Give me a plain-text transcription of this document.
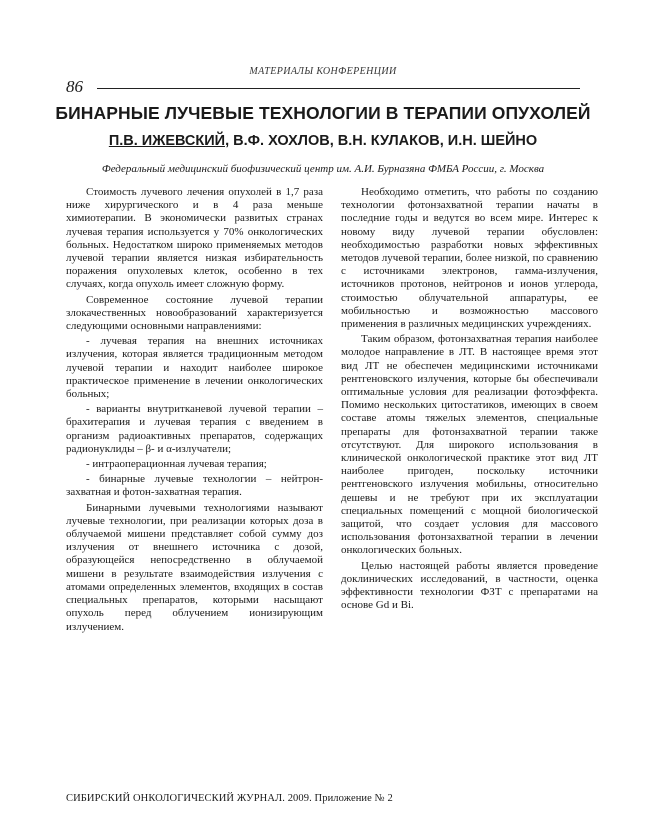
МАТЕРИАЛЫ КОНФЕРЕНЦИИ
86
БИНАРНЫЕ ЛУЧЕВЫЕ ТЕХНОЛОГИИ В ТЕРАПИИ ОПУХОЛЕЙ
П.В. ИЖЕВСКИЙ, В.Ф. ХОХЛОВ, В.Н. КУЛАКОВ, И.Н. ШЕЙНО
Федеральный медицинский биофизический центр им. А.И. Бурназяна ФМБА России, г. Москва

Стоимость лучевого лечения опухолей в 1,7 раза ниже хирургического и в 4 раза меньше химиотерапии. В экономически развитых странах лучевая терапия используется у 70% онкологических больных. Недостатком широко применяемых методов лучевой терапии является низкая избирательность поражения опухолевых клеток, особенно в тех случаях, когда опухоль имеет сложную форму.

Современное состояние лучевой терапии злокачественных новообразований характеризуется следующими основными направлениями:

- лучевая терапия на внешних источниках излучения, которая является традиционным методом лучевой терапии и находит наиболее широкое практическое применение в лечении онкологических больных;

- варианты внутритканевой лучевой терапии – брахитерапия и лучевая терапия с введением в организм радиоактивных препаратов, содержащих радионуклиды – β- и α-излучатели;

- интраоперационная лучевая терапия;

- бинарные лучевые технологии – нейтрон-захватная и фотон-захватная терапия.

Бинарными лучевыми технологиями называют лучевые технологии, при реализации которых доза в облучаемой мишени представляет собой сумму доз излучения от внешнего источника с дозой, образующейся непосредственно в облучаемой мишени в результате взаимодействия излучения с атомами определенных элементов, входящих в состав специальных препаратов, которыми насыщают опухоль перед облучением ионизирующим излучением.

Необходимо отметить, что работы по созданию технологии фотонзахватной терапии начаты в последние годы и ведутся во всем мире. Интерес к новому виду лучевой терапии обусловлен: необходимостью разработки новых эффективных методов лучевой терапии, более низкой, по сравнению с источниками электронов, гамма-излучения, источников протонов, нейтронов и ионов углерода, стоимостью облучательной аппаратуры, ее мобильностью и возможностью массового применения в различных медицинских учреждениях.

Таким образом, фотонзахватная терапия наиболее молодое направление в ЛТ. В настоящее время этот вид ЛТ не обеспечен медицинскими источниками рентгеновского излучения, которые бы обеспечивали оптимальные условия для реализации фотоэффекта. Помимо нескольких цитостатиков, имеющих в своем составе атомы тяжелых элементов, специальные препараты для фотонзахватной терапии также отсутствуют. Для широкого использования в клинической онкологической практике этот вид ЛТ наиболее пригоден, поскольку источники рентгеновского излучения мобильны, относительно дешевы и не требуют при их эксплуатации специальных помещений с мощной биологической защитой, что создает условия для массового использования фотонзахватной терапии в лечении онкологических больных.

Целью настоящей работы является проведение доклинических исследований, в частности, оценка эффективности технологии ФЗТ с препаратами на основе Gd и Bi.

СИБИРСКИЙ ОНКОЛОГИЧЕСКИЙ ЖУРНАЛ. 2009. Приложение № 2
